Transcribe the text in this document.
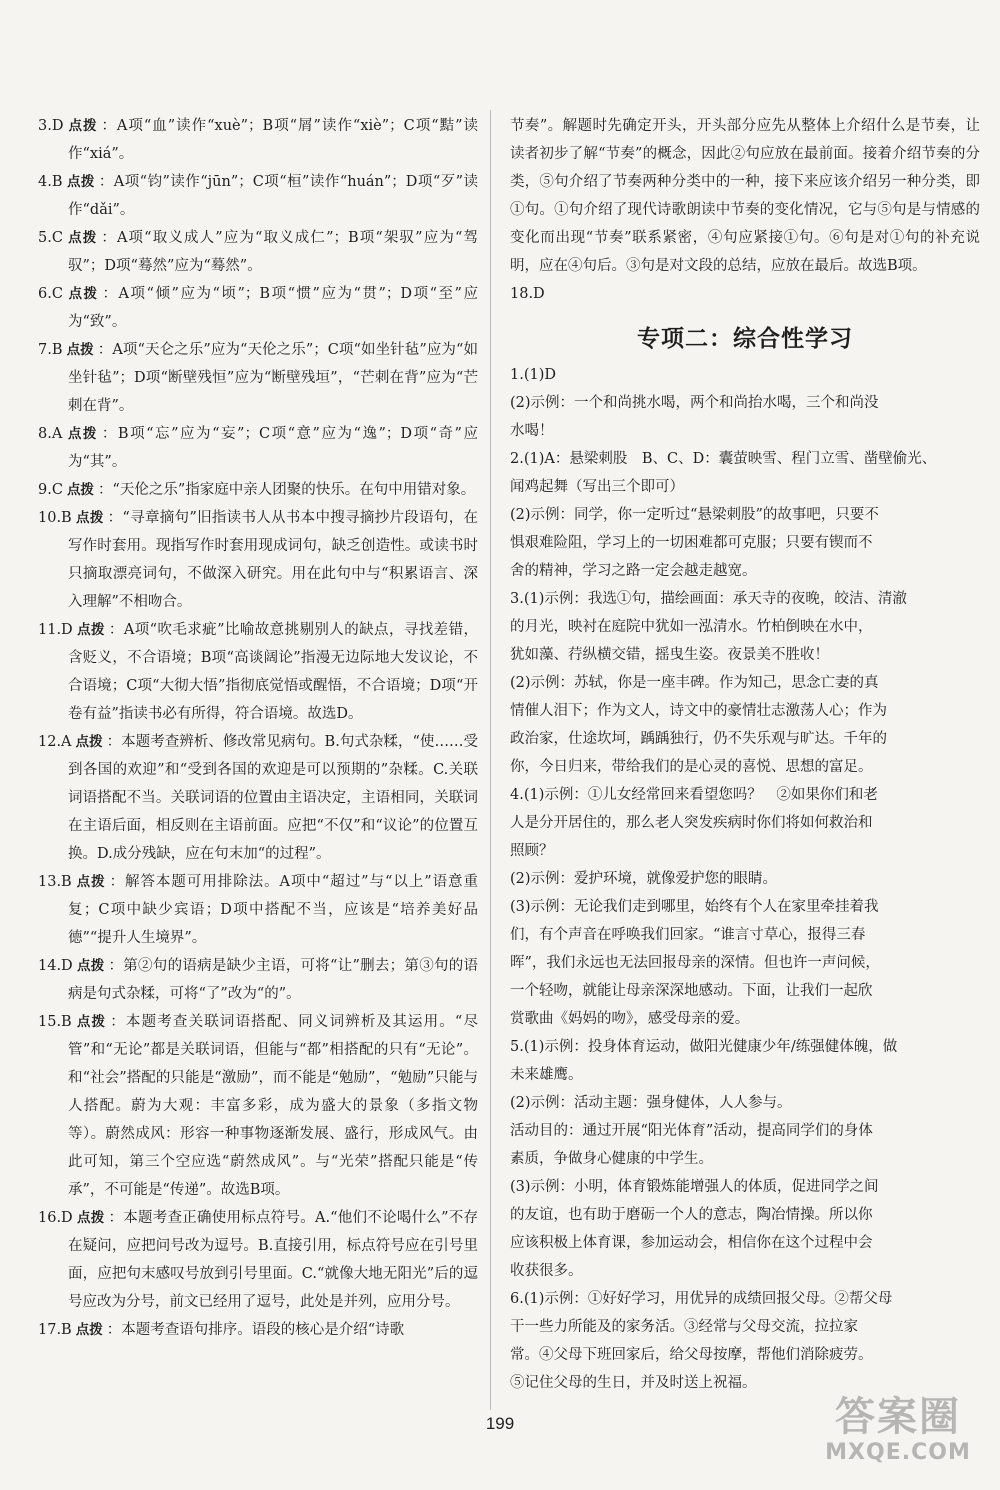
3.D 点拨 ：A项“血”读作“xuè”；B项“屑”读作“xiè”；C项“黠”读作“xiá”。

4.B 点拨 ：A项“钧”读作“jūn”；C项“桓”读作“huán”；D项“歹”读作“dǎi”。

5.C 点拨 ：A项“取义成人”应为“取义成仁”；B项“架驭”应为“驾驭”；D项“蓦然”应为“蓦然”。

6.C 点拨 ：A项“倾”应为“顷”；B项“惯”应为“贯”；D项“至”应为“致”。

7.B 点拨 ：A项“天仑之乐”应为“天伦之乐”；C项“如坐针毡”应为“如坐针毡”；D项“断壁残恒”应为“断壁残垣”，“芒刺在背”应为“芒刺在背”。

8.A 点拨 ：B项“忘”应为“妄”；C项“意”应为“逸”；D项“奇”应为“其”。

9.C 点拨 ：“天伦之乐”指家庭中亲人团聚的快乐。在句中用错对象。

10.B 点拨 ：“寻章摘句”旧指读书人从书本中搜寻摘抄片段语句，在写作时套用。现指写作时套用现成词句，缺乏创造性。或读书时只摘取漂亮词句，不做深入研究。用在此句中与“积累语言、深入理解”不相吻合。

11.D 点拨 ：A项“吹毛求疵”比喻故意挑剔别人的缺点，寻找差错，含贬义，不合语境；B项“高谈阔论”指漫无边际地大发议论，不合语境；C项“大彻大悟”指彻底觉悟或醒悟，不合语境；D项“开卷有益”指读书必有所得，符合语境。故选D。

12.A 点拨 ：本题考查辨析、修改常见病句。B.句式杂糅，“使……受到各国的欢迎”和“受到各国的欢迎是可以预期的”杂糅。C.关联词语搭配不当。关联词语的位置由主语决定，主语相同，关联词在主语后面，相反则在主语前面。应把“不仅”和“议论”的位置互换。D.成分残缺，应在句末加“的过程”。

13.B 点拨 ：解答本题可用排除法。A项中“超过”与“以上”语意重复；C项中缺少宾语；D项中搭配不当，应该是“培养美好品德”“提升人生境界”。

14.D 点拨 ：第②句的语病是缺少主语，可将“让”删去；第③句的语病是句式杂糅，可将“了”改为“的”。

15.B 点拨 ：本题考查关联词语搭配、同义词辨析及其运用。“尽管”和“无论”都是关联词语，但能与“都”相搭配的只有“无论”。和“社会”搭配的只能是“激励”，而不能是“勉励”，“勉励”只能与人搭配。蔚为大观：丰富多彩，成为盛大的景象（多指文物等）。蔚然成风：形容一种事物逐渐发展、盛行，形成风气。由此可知，第三个空应选“蔚然成风”。与“光荣”搭配只能是“传承”，不可能是“传递”。故选B项。

16.D 点拨 ：本题考查正确使用标点符号。A.“他们不论喝什么”不存在疑问，应把问号改为逗号。B.直接引用，标点符号应在引号里面，应把句末感叹号放到引号里面。C.“就像大地无阳光”后的逗号应改为分号，前文已经用了逗号，此处是并列，应用分号。

17.B 点拨 ：本题考查语句排序。语段的核心是介绍“诗歌

节奏”。解题时先确定开头，开头部分应先从整体上介绍什么是节奏，让读者初步了解“节奏”的概念，因此②句应放在最前面。接着介绍节奏的分类，⑤句介绍了节奏两种分类中的一种，接下来应该介绍另一种分类，即①句。①句介绍了现代诗歌朗读中节奏的变化情况，它与⑤句是与情感的变化而出现“节奏”联系紧密，④句应紧接①句。⑥句是对①句的补充说明，应在④句后。③句是对文段的总结，应放在最后。故选B项。

18.D

专项二：综合性学习

1.(1)D

(2)示例：一个和尚挑水喝，两个和尚抬水喝，三个和尚没

水喝！

2.(1)A：悬梁刺股　B、C、D：囊萤映雪、程门立雪、凿壁偷光、

闻鸡起舞（写出三个即可）

(2)示例：同学，你一定听过“悬梁刺股”的故事吧，只要不

惧艰难险阻，学习上的一切困难都可克服；只要有锲而不

舍的精神，学习之路一定会越走越宽。

3.(1)示例：我选①句，描绘画面：承天寺的夜晚，皎洁、清澈

的月光，映衬在庭院中犹如一泓清水。竹柏倒映在水中，

犹如藻、荇纵横交错，摇曳生姿。夜景美不胜收！

(2)示例：苏轼，你是一座丰碑。作为知己，思念亡妻的真

情催人泪下；作为文人，诗文中的豪情壮志激荡人心；作为

政治家，仕途坎坷，踽踽独行，仍不失乐观与旷达。千年的

你，今日归来，带给我们的是心灵的喜悦、思想的富足。

4.(1)示例：①儿女经常回来看望您吗？　②如果你们和老

人是分开居住的，那么老人突发疾病时你们将如何救治和

照顾？

(2)示例：爱护环境，就像爱护您的眼睛。

(3)示例：无论我们走到哪里，始终有个人在家里牵挂着我

们，有个声音在呼唤我们回家。“谁言寸草心，报得三春

晖”，我们永远也无法回报母亲的深情。但也许一声问候，

一个轻吻，就能让母亲深深地感动。下面，让我们一起欣

赏歌曲《妈妈的吻》，感受母亲的爱。

5.(1)示例：投身体育运动，做阳光健康少年/练强健体魄，做

未来雄鹰。

(2)示例：活动主题：强身健体，人人参与。

活动目的：通过开展“阳光体育”活动，提高同学们的身体

素质，争做身心健康的中学生。

(3)示例：小明，体育锻炼能增强人的体质，促进同学之间

的友谊，也有助于磨砺一个人的意志，陶冶情操。所以你

应该积极上体育课，参加运动会，相信你在这个过程中会

收获很多。

6.(1)示例：①好好学习，用优异的成绩回报父母。②帮父母

干一些力所能及的家务活。③经常与父母交流，拉拉家

常。④父母下班回家后，给父母按摩，帮他们消除疲劳。

⑤记住父母的生日，并及时送上祝福。

199	答案圈
MXQE.COM
